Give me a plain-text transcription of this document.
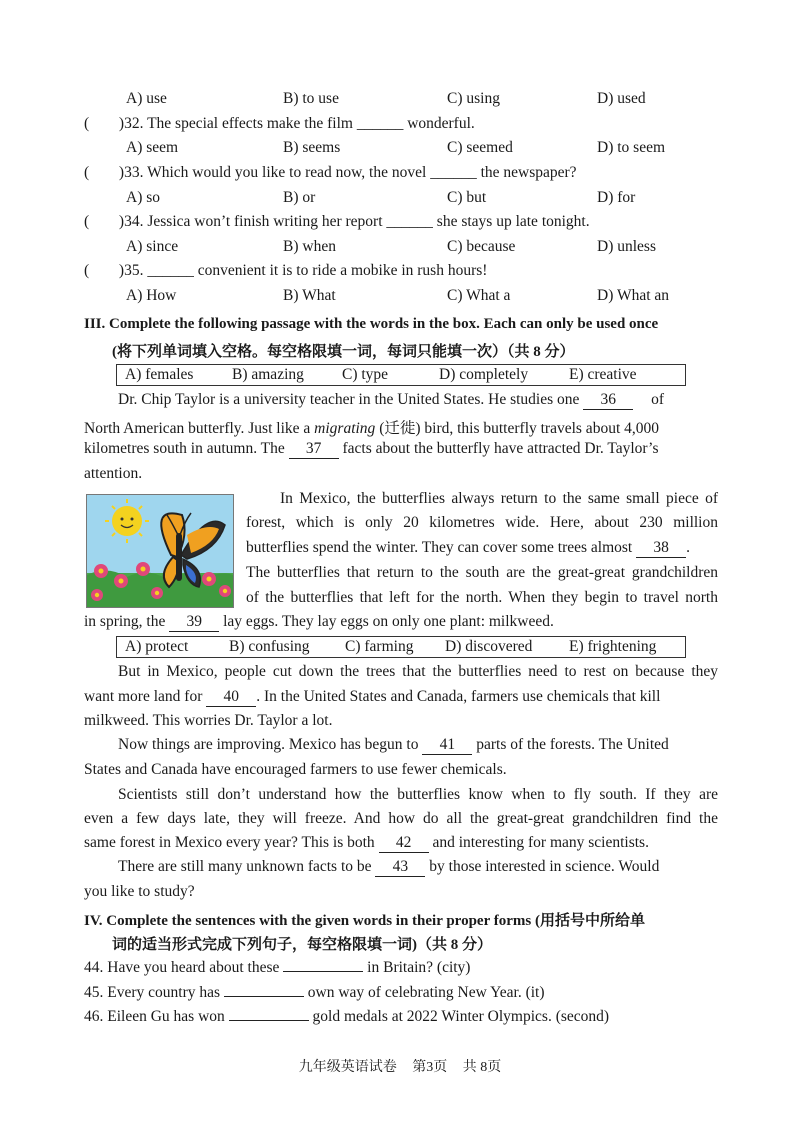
A) use	B) to use	C) using	D) used
( )32. The special effects make the film ______ wonderful.
A) seem	B) seems	C) seemed	D) to seem
( )33. Which would you like to read now, the novel ______ the newspaper?
A) so	B) or	C) but	D) for
( )34. Jessica won’t finish writing her report ______ she stays up late tonight.
A) since	B) when	C) because	D) unless
( )35. ______ convenient it is to ride a mobike in rush hours!
A) How	B) What	C) What a	D) What an
III. Complete the following passage with the words in the box. Each can only be used once
(将下列单词填入空格。每空格限填一词，每词只能填一次）（共 8 分）
A) females B) amazing C) type	D) completely	E) creative
Dr. Chip Taylor is a university teacher in the United States. He studies one 36 of
North American butterfly. Just like a migrating (迁徙) bird, this butterfly travels about 4,000
kilometres south in autumn. The 37 facts about the butterfly have attracted Dr. Taylor’s
attention.
In Mexico, the butterflies always return to the same small piece of
forest, which is only 20 kilometres wide. Here, about 230 million
butterflies spend the winter. They can cover some trees almost 38 .
The butterflies that return to the south are the great-great grandchildren
of the butterflies that left for the north. When they begin to travel north
in spring, the 39 lay eggs. They lay eggs on only one plant: milkweed.
A) protect	B) confusing C) farming D) discovered E) frightening
But in Mexico, people cut down the trees that the butterflies need to rest on because they
want more land for 40 . In the United States and Canada, farmers use chemicals that kill
milkweed. This worries Dr. Taylor a lot.
Now things are improving. Mexico has begun to 41 parts of the forests. The United
States and Canada have encouraged farmers to use fewer chemicals.
Scientists still don’t understand how the butterflies know when to fly south. If they are
even a few days late, they will freeze. And how do all the great-great grandchildren find the
same forest in Mexico every year? This is both 42 and interesting for many scientists.
There are still many unknown facts to be 43 by those interested in science. Would
you like to study?
IV. Complete the sentences with the given words in their proper forms (用括号中所给单
词的适当形式完成下列句子，每空格限填一词)（共 8 分）
44. Have you heard about these	in Britain? (city)
45. Every country has	own way of celebrating New Year. (it)
46. Eileen Gu has won	gold medals at 2022 Winter Olympics. (second)
九年级英语试卷 第3页 共 8页
